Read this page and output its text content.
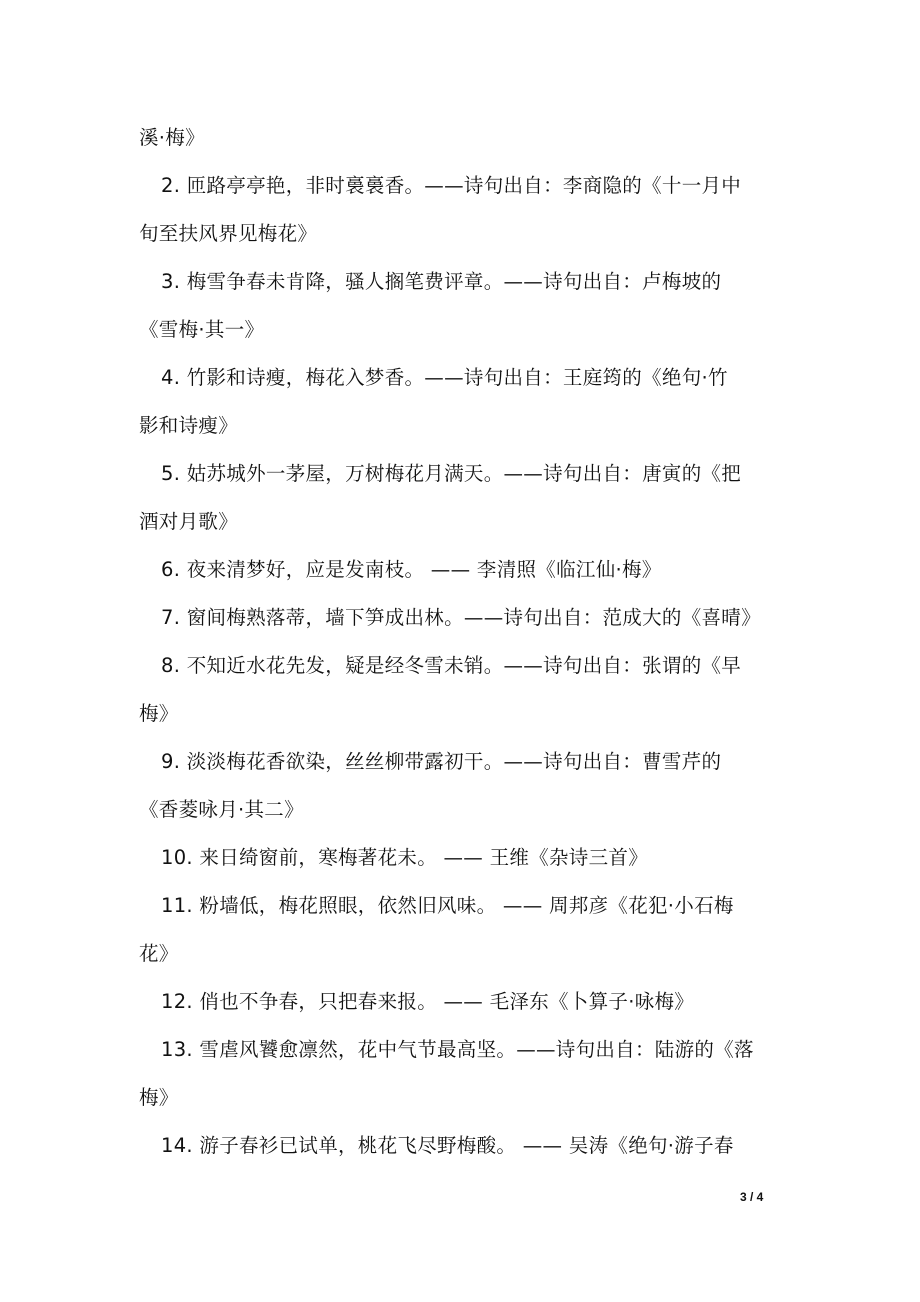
溪·梅》
2. 匝路亭亭艳，非时裛裛香。——诗句出自：李商隐的《十一月中
旬至扶风界见梅花》
3. 梅雪争春未肯降，骚人搁笔费评章。——诗句出自：卢梅坡的
《雪梅·其一》
4. 竹影和诗瘦，梅花入梦香。——诗句出自：王庭筠的《绝句·竹
影和诗瘦》
5. 姑苏城外一茅屋，万树梅花月满天。——诗句出自：唐寅的《把
酒对月歌》
6. 夜来清梦好，应是发南枝。 —— 李清照《临江仙·梅》
7. 窗间梅熟落蒂，墙下笋成出林。——诗句出自：范成大的《喜晴》
8. 不知近水花先发，疑是经冬雪未销。——诗句出自：张谓的《早
梅》
9. 淡淡梅花香欲染，丝丝柳带露初干。——诗句出自：曹雪芹的
《香菱咏月·其二》
10. 来日绮窗前，寒梅著花未。 —— 王维《杂诗三首》
11. 粉墙低，梅花照眼，依然旧风味。 —— 周邦彦《花犯·小石梅
花》
12. 俏也不争春，只把春来报。 —— 毛泽东《卜算子·咏梅》
13. 雪虐风饕愈凛然，花中气节最高坚。——诗句出自：陆游的《落
梅》
14. 游子春衫已试单，桃花飞尽野梅酸。 —— 吴涛《绝句·游子春
3 / 4
